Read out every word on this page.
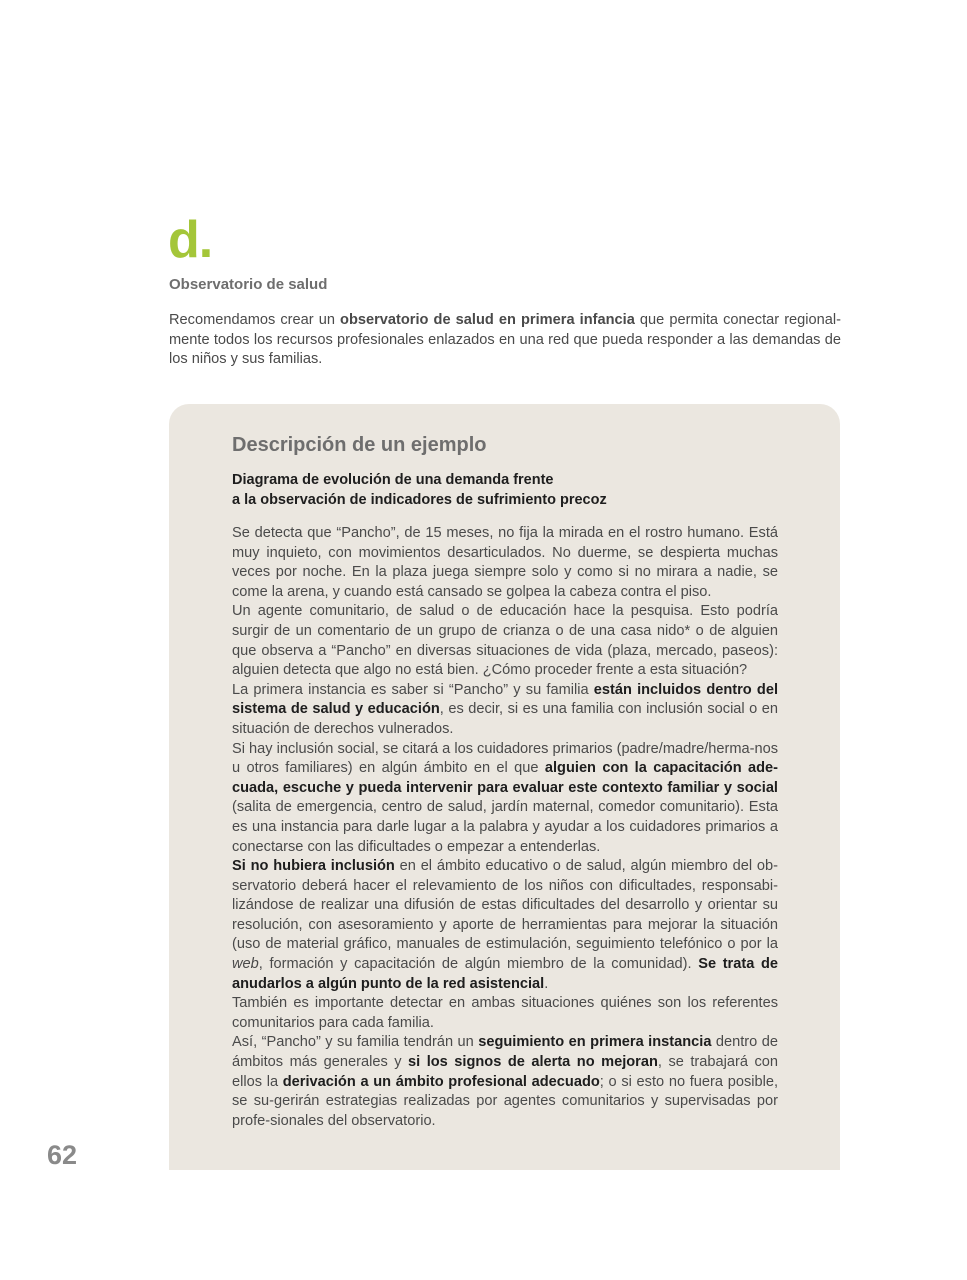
d.
Observatorio de salud

Recomendamos crear un observatorio de salud en primera infancia que permita conectar regional-mente todos los recursos profesionales enlazados en una red que pueda responder a las demandas de los niños y sus familias.

Descripción de un ejemplo
Diagrama de evolución de una demanda frente
a la observación de indicadores de sufrimiento precoz

Se detecta que “Pancho”, de 15 meses, no fija la mirada en el rostro humano. Está muy inquieto, con movimientos desarticulados. No duerme, se despierta muchas veces por noche. En la plaza juega siempre solo y como si no mirara a nadie, se come la arena, y cuando está cansado se golpea la cabeza contra el piso.

Un agente comunitario, de salud o de educación hace la pesquisa. Esto podría surgir de un comentario de un grupo de crianza o de una casa nido* o de alguien que observa a “Pancho” en diversas situaciones de vida (plaza, mercado, paseos): alguien detecta que algo no está bien. ¿Cómo proceder frente a esta situación?

La primera instancia es saber si “Pancho” y su familia están incluidos dentro del sistema de salud y educación, es decir, si es una familia con inclusión social o en situación de derechos vulnerados.

Si hay inclusión social, se citará a los cuidadores primarios (padre/madre/herma-nos u otros familiares) en algún ámbito en el que alguien con la capacitación ade-cuada, escuche y pueda intervenir para evaluar este contexto familiar y social (salita de emergencia, centro de salud, jardín maternal, comedor comunitario). Esta es una instancia para darle lugar a la palabra y ayudar a los cuidadores primarios a conectarse con las dificultades o empezar a entenderlas.

Si no hubiera inclusión en el ámbito educativo o de salud, algún miembro del ob-servatorio deberá hacer el relevamiento de los niños con dificultades, responsabi-lizándose de realizar una difusión de estas dificultades del desarrollo y orientar su resolución, con asesoramiento y aporte de herramientas para mejorar la situación (uso de material gráfico, manuales de estimulación, seguimiento telefónico o por la web, formación y capacitación de algún miembro de la comunidad). Se trata de anudarlos a algún punto de la red asistencial.

También es importante detectar en ambas situaciones quiénes son los referentes comunitarios para cada familia.

Así, “Pancho” y su familia tendrán un seguimiento en primera instancia dentro de ámbitos más generales y si los signos de alerta no mejoran, se trabajará con ellos la derivación a un ámbito profesional adecuado; o si esto no fuera posible, se su-gerirán estrategias realizadas por agentes comunitarios y supervisadas por profe-sionales del observatorio.

62
